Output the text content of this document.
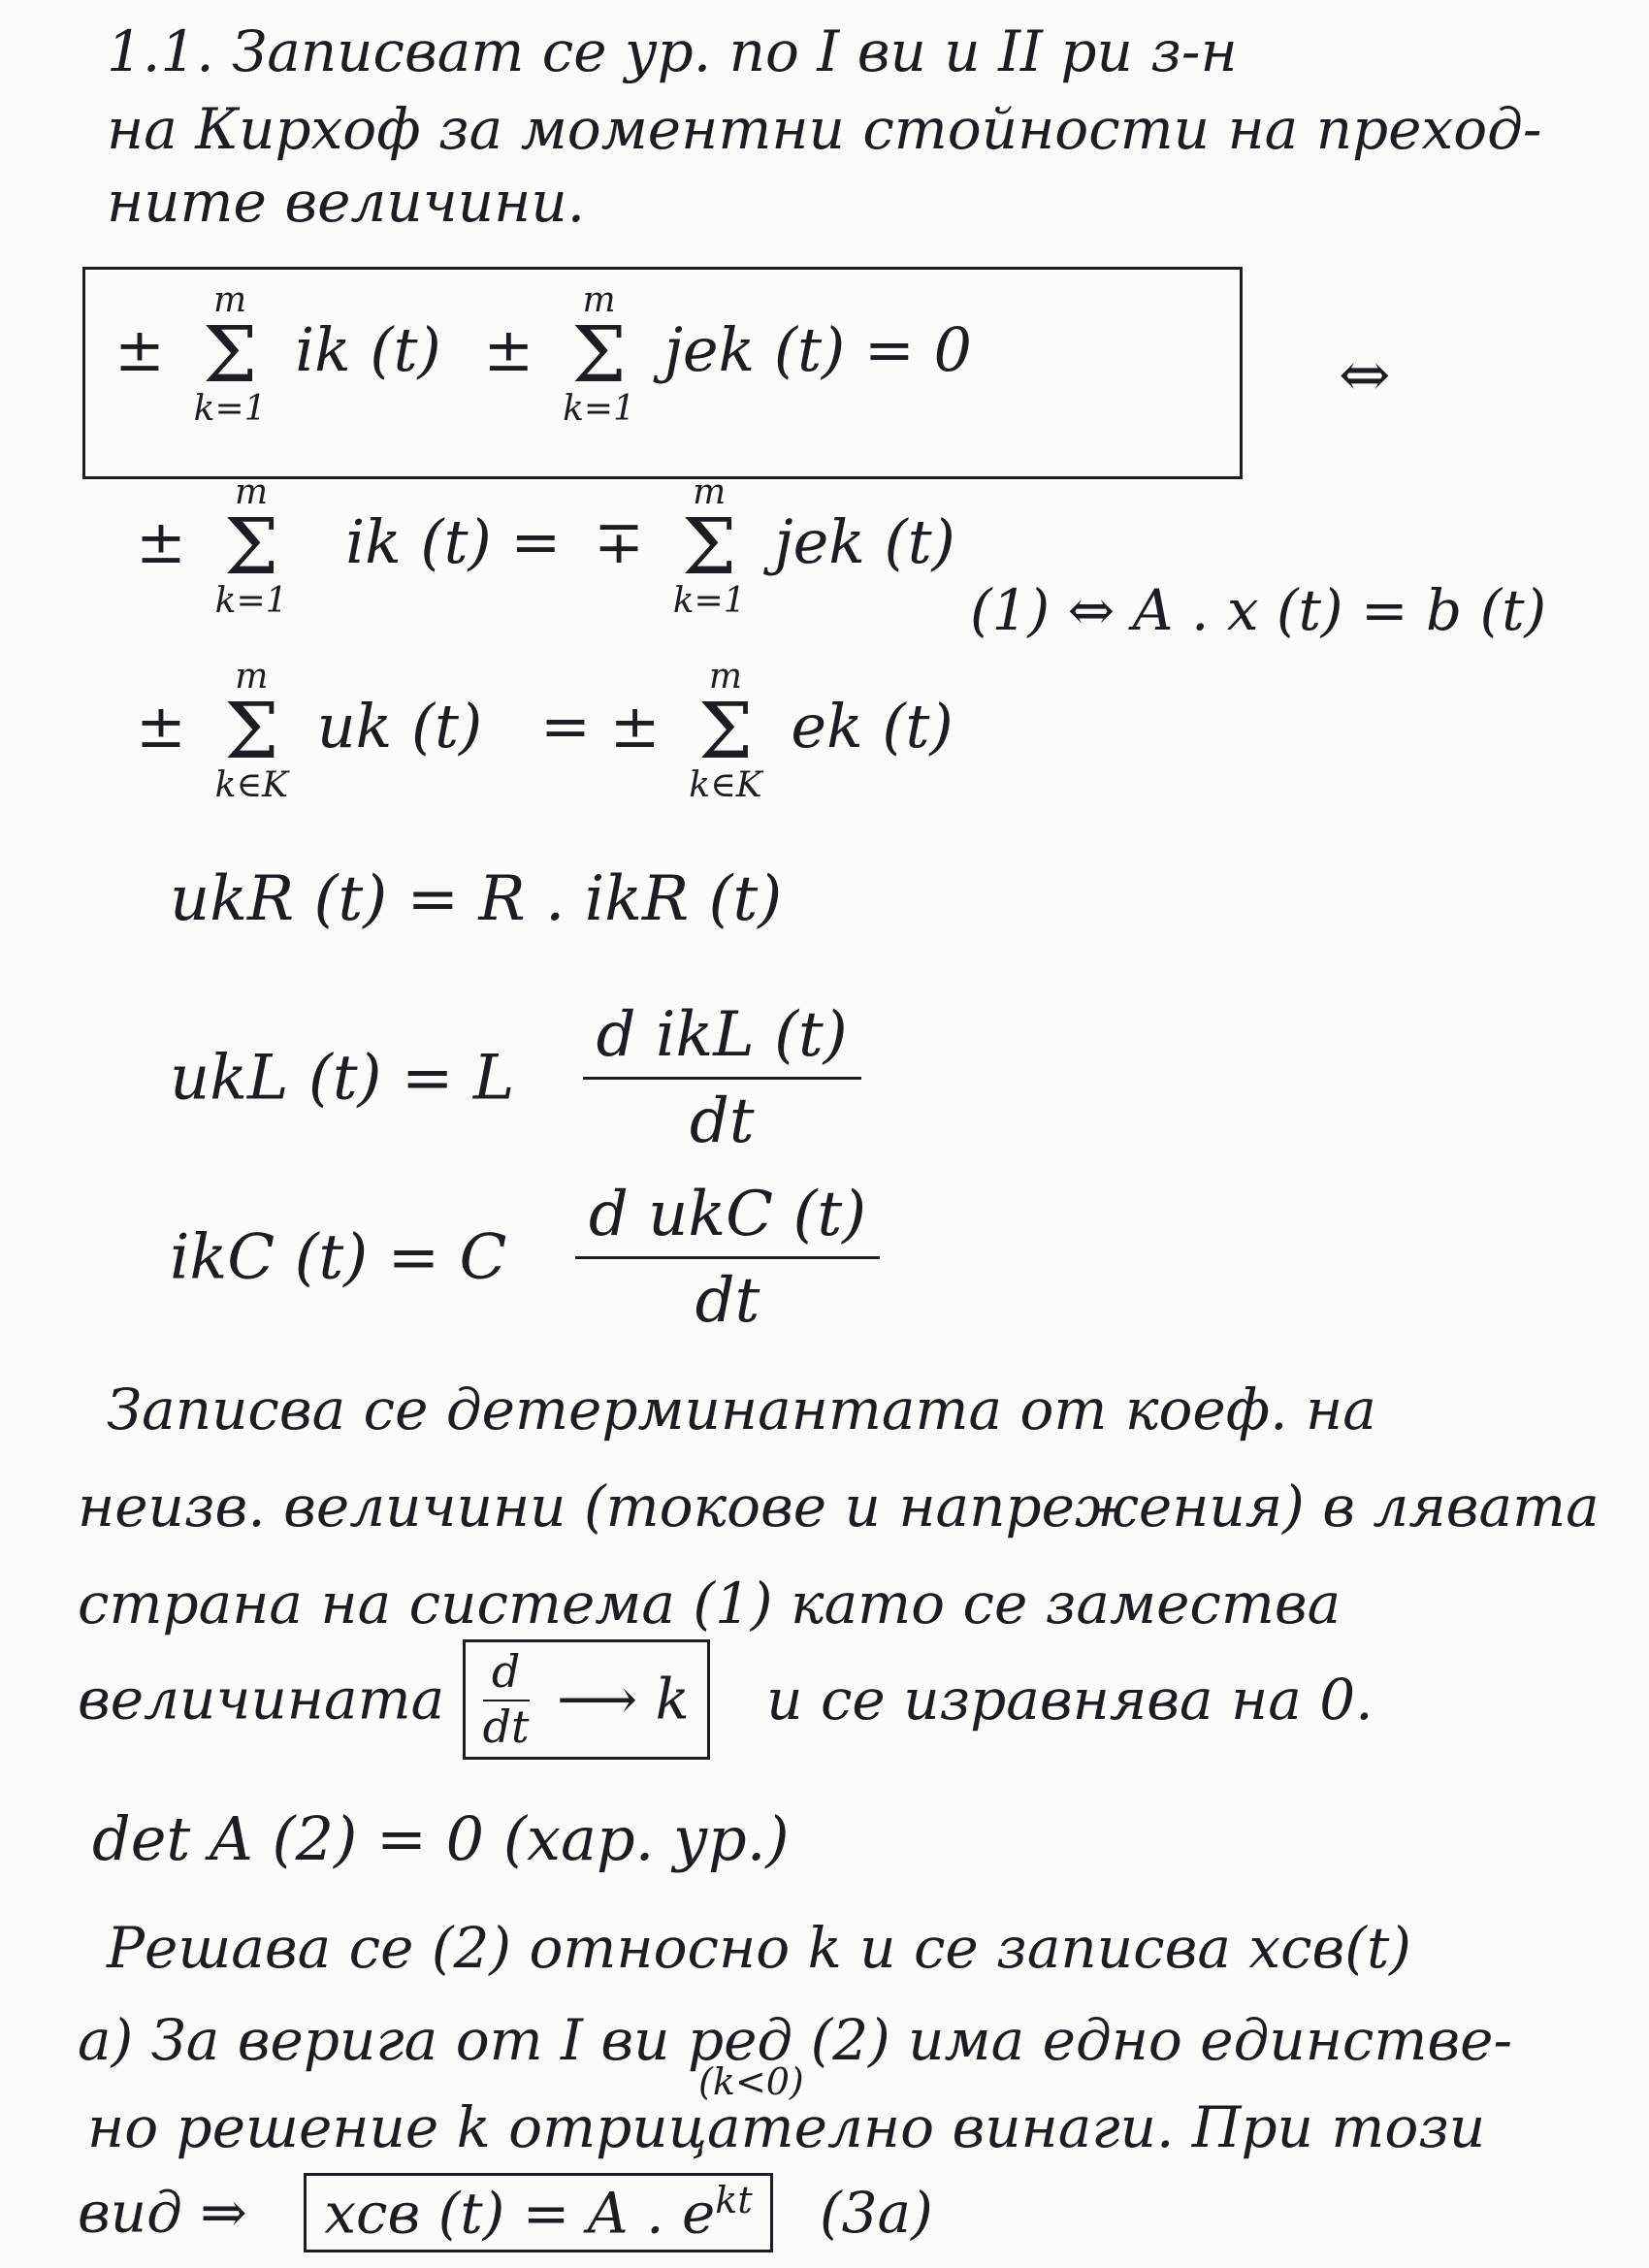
1.1. Записват се ур. по I ви и II ри з-н
на Кирхоф за моментни стойности на преход-
ните величини.
±
m
Σ
k=1
ik (t) ±
m
Σ
k=1
jek (t) = 0	⇔
±
m
Σ
k=1
ik (t) = ∓
m
Σ
k=1
jek (t)
(1) ⇔ A . x (t) = b (t)
±
m
Σ
k∈K
uk (t) = ±
m
Σ
k∈K
ek (t)
ukR (t) = R . ikR (t)
ukL (t) = L $\frac{\text{d ikL (t)}}{dt}$
ikC (t) = C $\frac{\text{d ukC (t)}}{dt}$
Записва се детерминантата от коеф. на
неизв. величини (токове и напрежения) в лявата
страна на система (1) като се замества
величината $\frac{d}{dt}$ ⟶ k и се изравнява на 0.
det A (2) = 0 (хар. ур.)
Решава се (2) относно k и се записва xсв(t)
а) За верига от I ви ред (2) има едно единстве-
(k<0)
но решение k отрицателно винаги. При този
вид ⇒ xсв (t) = A . $e^{kt}$ (3а)
